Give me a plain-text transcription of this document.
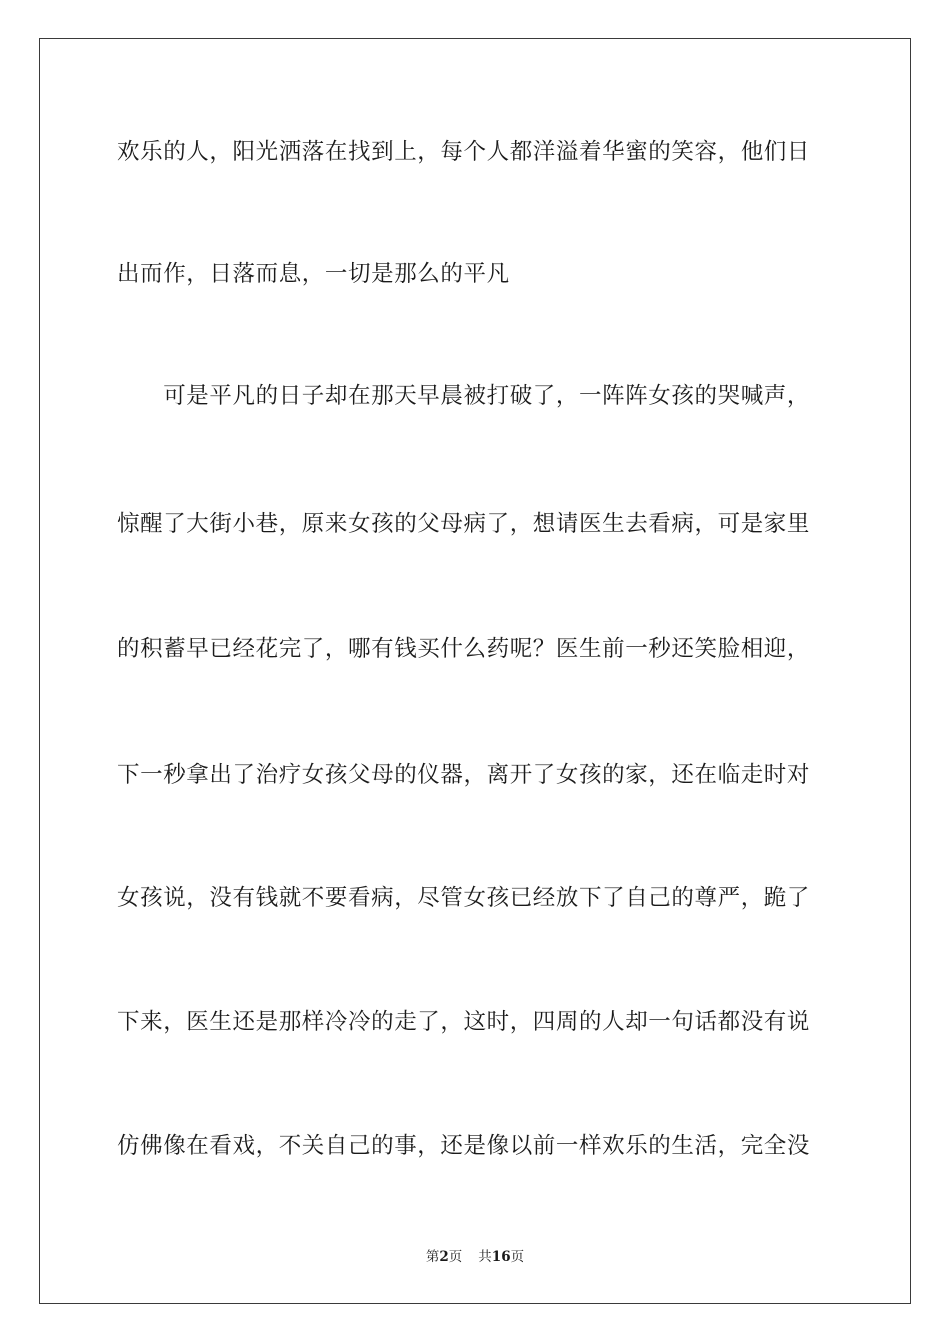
欢乐的人，阳光洒落在找到上，每个人都洋溢着华蜜的笑容，他们日
出而作，日落而息，一切是那么的平凡
　　可是平凡的日子却在那天早晨被打破了，一阵阵女孩的哭喊声，
惊醒了大街小巷，原来女孩的父母病了，想请医生去看病，可是家里
的积蓄早已经花完了，哪有钱买什么药呢？医生前一秒还笑脸相迎，
下一秒拿出了治疗女孩父母的仪器，离开了女孩的家，还在临走时对
女孩说，没有钱就不要看病，尽管女孩已经放下了自己的尊严，跪了
下来，医生还是那样冷冷的走了，这时，四周的人却一句话都没有说
仿佛像在看戏，不关自己的事，还是像以前一样欢乐的生活，完全没
第2页 共16页
